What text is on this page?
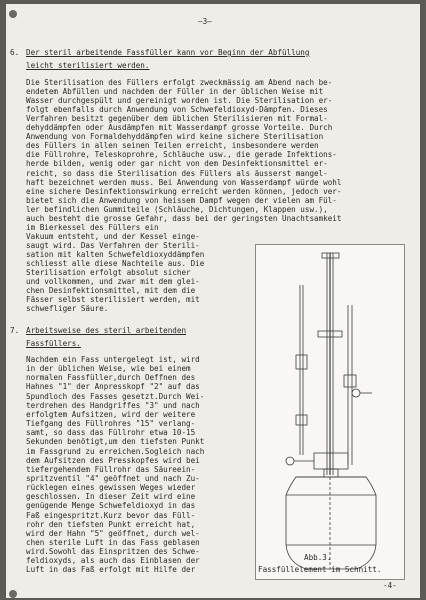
—3—
6. Der steril arbeitende Fassfüller kann vor Beginn der Abfüllung
leicht sterilisiert werden.
Die Sterilisation des Füllers erfolgt zweckmässig am Abend nach be-
endetem Abfüllen und nachdem der Füller in der üblichen Weise mit
Wasser durchgespült und gereinigt worden ist. Die Sterilisation er-
folgt ebenfalls durch Anwendung von Schwefeldioxyd-Dämpfen. Dieses
Verfahren besitzt gegenüber dem üblichen Sterilisieren mit Formal-
dehyddämpfen oder Ausdämpfen mit Wasserdampf grosse Vorteile. Durch
Anwendung von Formaldehyddämpfen wird keine sichere Sterilisation
des Füllers in allen seinen Teilen erreicht, insbesondere werden
die Füllrohre, Teleskoprohre, Schläuche usw., die gerade Infektions-
herde bilden, wenig oder gar nicht von dem Desinfektionsmittel er-
reicht, so dass die Sterilisation des Füllers als äusserst mangel-
haft bezeichnet werden muss. Bei Anwendung von Wasserdampf würde wohl
eine sichere Desinfektionswirkung erreicht werden können, jedoch ver-
bietet sich die Anwendung von heissem Dampf wegen der vielen am Fül-
ler befindlichen Gummiteile (Schläuche, Dichtungen, Klappen usw.),
auch besteht die grosse Gefahr, dass bei der geringsten Unachtsamkeit
im Bierkessel des Füllers ein
Vakuum entsteht, und der Kessel einge-
saugt wird. Das Verfahren der Sterili-
sation mit kalten Schwefeldioxyddämpfen
schliesst alle diese Nachteile aus. Die
Sterilisation erfolgt absolut sicher
und vollkommen, und zwar mit dem glei-
chen Desinfektionsmittel, mit dem die
Fässer selbst sterilisiert werden, mit
schwefliger Säure.
7. Arbeitsweise des steril arbeitenden
Fassfüllers.
Nachdem ein Fass untergelegt ist, wird
in der üblichen Weise, wie bei einem
normalen Fassfüller,durch Oeffnen des
Hahnes "1" der Anpresskopf "2" auf das
Spundloch des Fasses gesetzt.Durch Wei-
terdrehen des Handgriffes "3" und nach
erfolgtem Aufsitzen, wird der weitere
Tiefgang des Füllrohres "15" verlang-
samt, so dass das Füllrohr etwa 10-15
Sekunden benötigt,um den tiefsten Punkt
im Fassgrund zu erreichen.Sogleich nach
dem Aufsitzen des Presskopfes wird bei
tiefergehendem Füllrohr das Säureein-
spritzventil "4" geöffnet und nach Zu-
rücklegen eines gewissen Weges wieder
geschlossen. In dieser Zeit wird eine
genügende Menge Schwefeldioxyd in das
Faß eingespritzt.Kurz bevor das Füll-
rohr den tiefsten Punkt erreicht hat,
wird der Hahn "5" geöffnet, durch wel-
chen sterile Luft in das Fass geblasen
wird.Sowohl das Einspritzen des Schwe-
feldioxyds, als auch das Einblasen der
Luft in das Faß erfolgt mit Hilfe der
Abb.3.
Fassfüllelement im Schnitt.
-4-
